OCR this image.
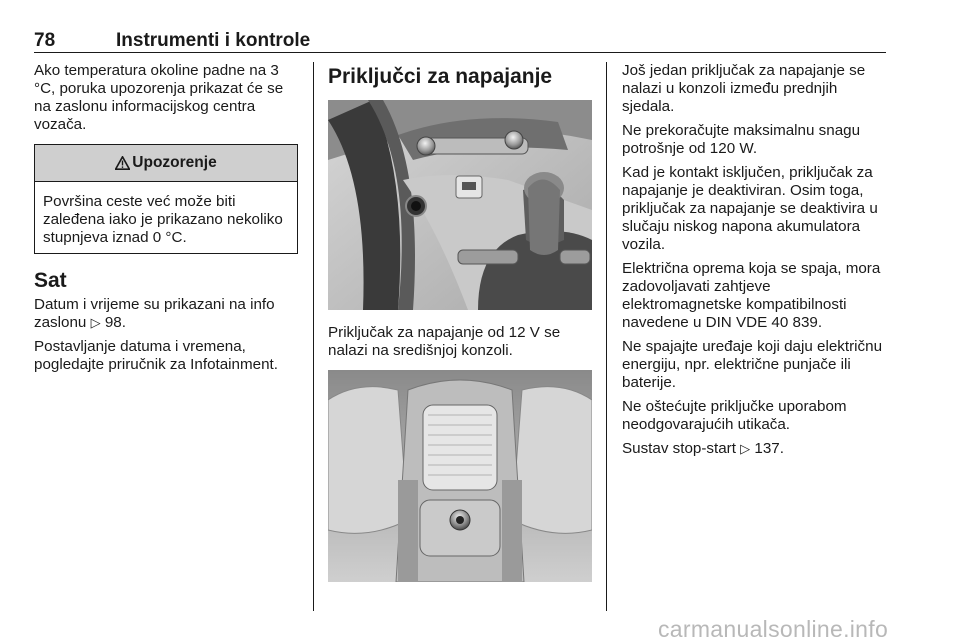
78	Instrumenti i kontrole

Ako temperatura okoline padne na 3 °C, poruka upozorenja prikazat će se na zaslonu informacijskog centra vozača.

Upozorenje

Površina ceste već može biti zaleđena iako je prikazano nekoliko stupnjeva iznad 0 °C.

Sat

Datum i vrijeme su prikazani na info zaslonu ▷ 98.

Postavljanje datuma i vremena, pogledajte priručnik za Infotainment.

Priključci za napajanje

Priključak za napajanje od 12 V se nalazi na središnjoj konzoli.

Još jedan priključak za napajanje se nalazi u konzoli između prednjih sjedala.

Ne prekoračujte maksimalnu snagu potrošnje od 120 W.

Kad je kontakt isključen, priključak za napajanje je deaktiviran. Osim toga, priključak za napajanje se deaktivira u slučaju niskog napona akumulatora vozila.

Električna oprema koja se spaja, mora zadovoljavati zahtjeve elektromagnetske kompatibilnosti navedene u DIN VDE 40 839.

Ne spajajte uređaje koji daju električnu energiju, npr. električne punjače ili baterije.

Ne oštećujte priključke uporabom neodgovarajućih utikača.

Sustav stop-start ▷ 137.

carmanualsonline.info
